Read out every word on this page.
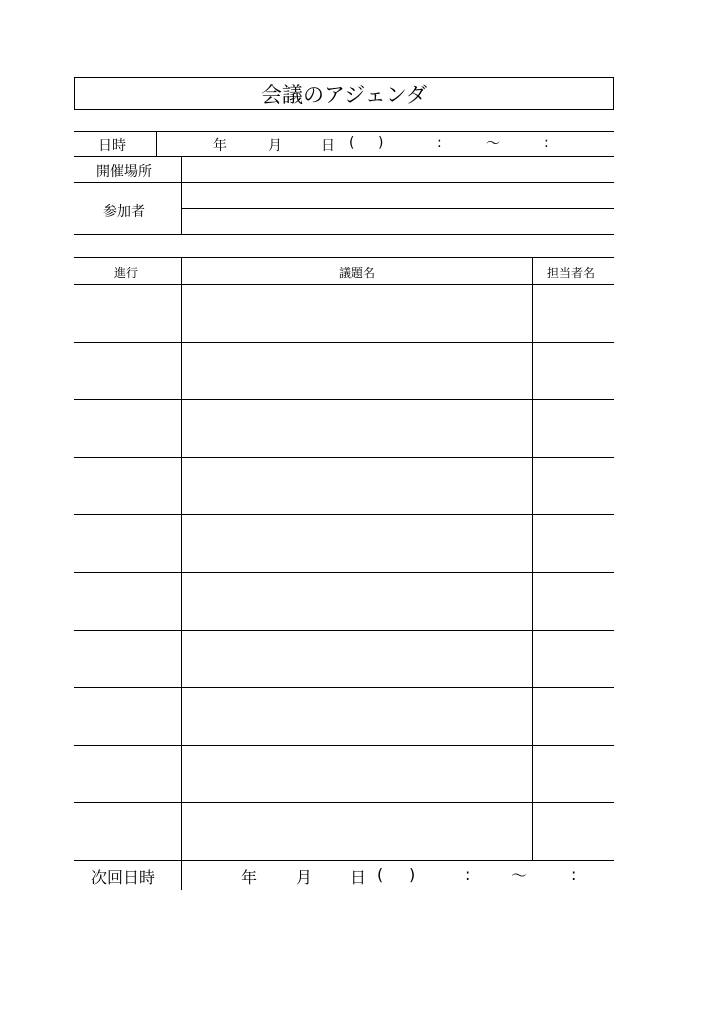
会議のアジェンダ
日時	年	月	日 ( )	:	〜	:
開催場所
参加者
進行	議題名	担当者名
次回日時	年 月 日 ( )	:	〜	:
